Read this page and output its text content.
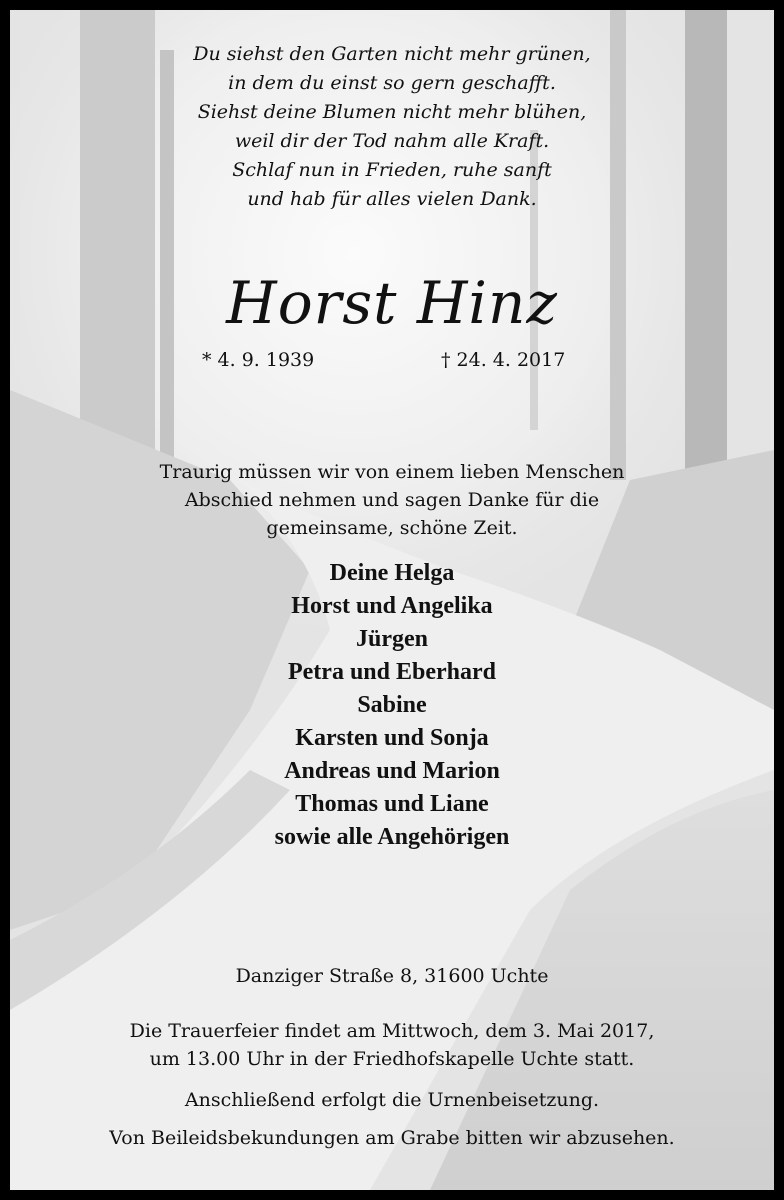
Du siehst den Garten nicht mehr grünen,
in dem du einst so gern geschafft.
Siehst deine Blumen nicht mehr blühen,
weil dir der Tod nahm alle Kraft.
Schlaf nun in Frieden, ruhe sanft
und hab für alles vielen Dank.
Horst Hinz
* 4. 9. 1939	† 24. 4. 2017
Traurig müssen wir von einem lieben Menschen
Abschied nehmen und sagen Danke für die
gemeinsame, schöne Zeit.
Deine Helga
Horst und Angelika
Jürgen
Petra und Eberhard
Sabine
Karsten und Sonja
Andreas und Marion
Thomas und Liane
sowie alle Angehörigen
Danziger Straße 8, 31600 Uchte
Die Trauerfeier findet am Mittwoch, dem 3. Mai 2017,
um 13.00 Uhr in der Friedhofskapelle Uchte statt.
Anschließend erfolgt die Urnenbeisetzung.
Von Beileidsbekundungen am Grabe bitten wir abzusehen.
